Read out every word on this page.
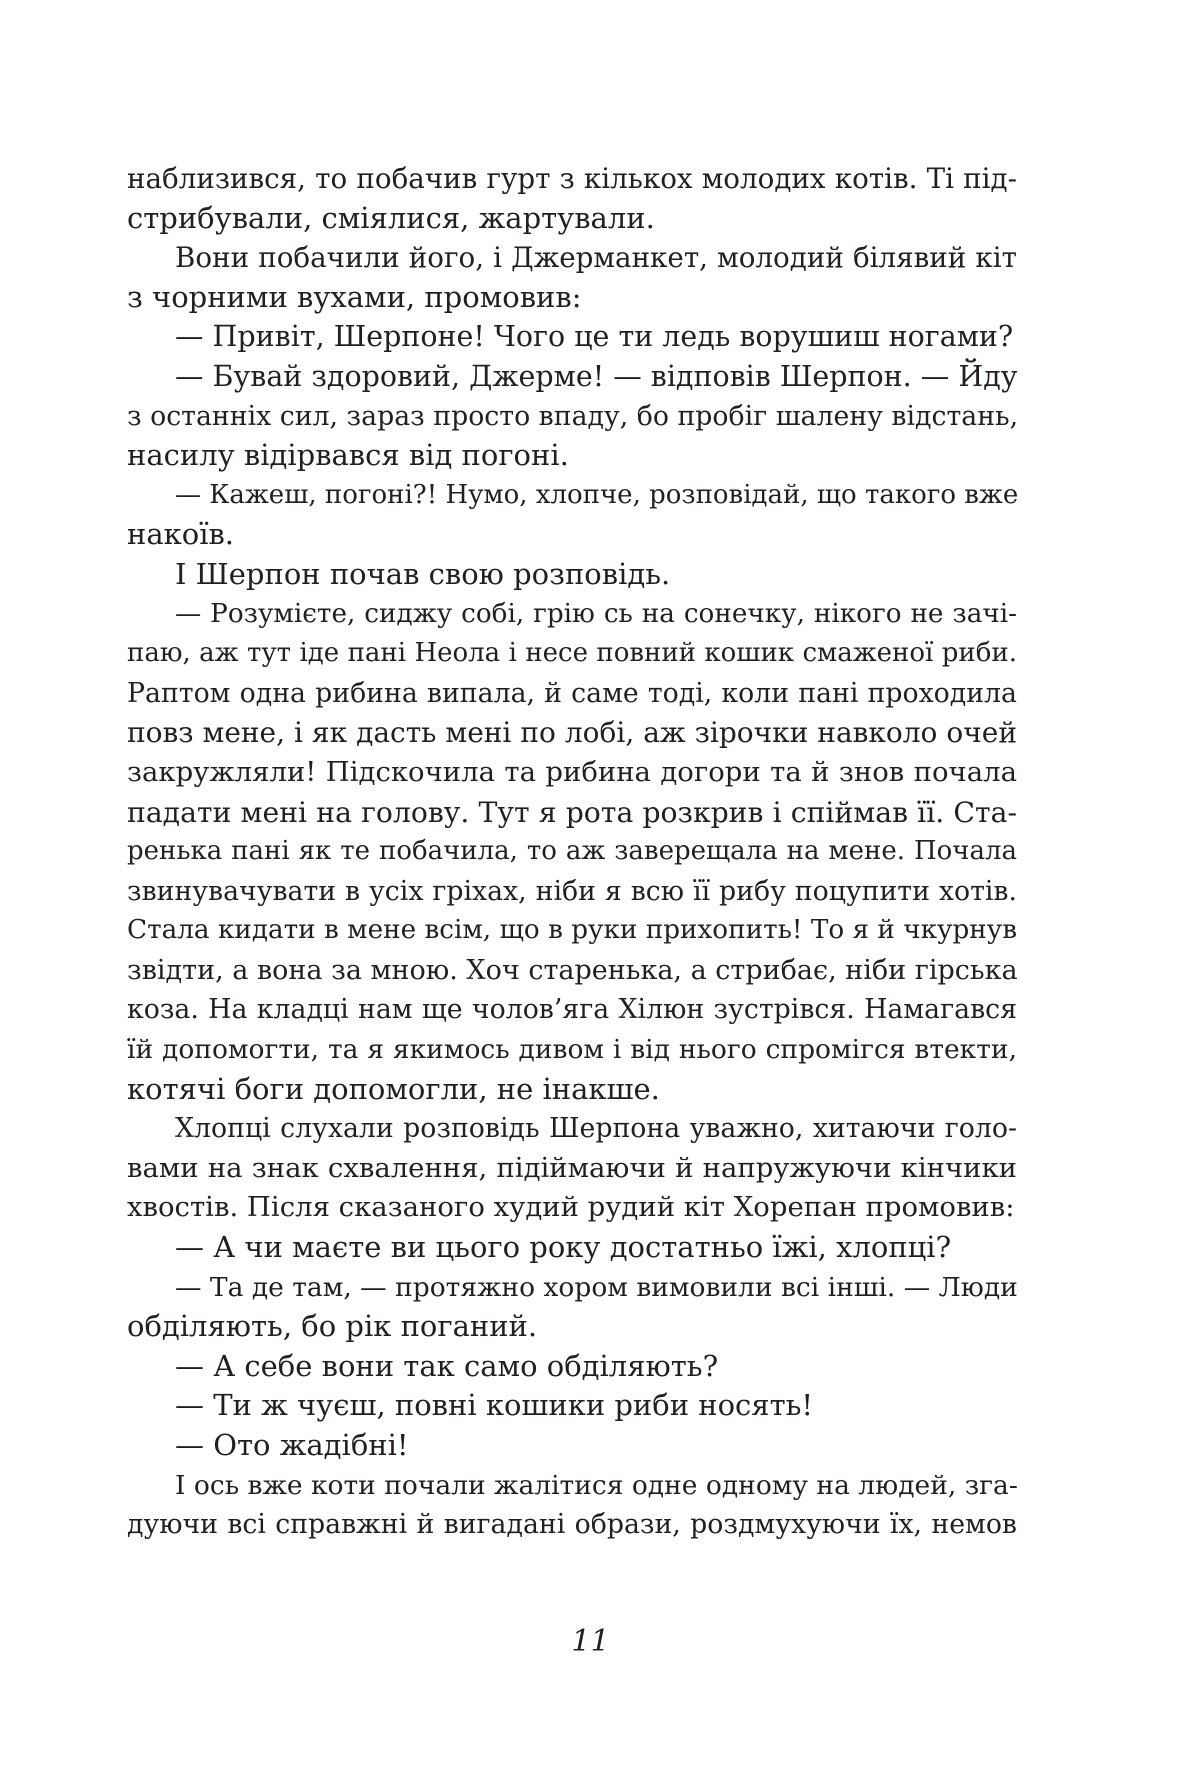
наблизився, то побачив гурт з кількох молодих котів. Ті під-
стрибували, сміялися, жартували.
Вони побачили його, і Джерманкет, молодий білявий кіт
з чорними вухами, промовив:
— Привіт, Шерпоне! Чого це ти ледь ворушиш ногами?
— Бувай здоровий, Джерме! — відповів Шерпон. — Йду
з останніх сил, зараз просто впаду, бо пробіг шалену відстань,
насилу відірвався від погоні.
— Кажеш, погоні?! Нумо, хлопче, розповідай, що такого вже
накоїв.
І Шерпон почав свою розповідь.
— Розумієте, сиджу собі, грію сь на сонечку, нікого не зачі-
паю, аж тут іде пані Неола і несе повний кошик смаженої риби.
Раптом одна рибина випала, й саме тоді, коли пані проходила
повз мене, і як дасть мені по лобі, аж зірочки навколо очей
закружляли! Підскочила та рибина догори та й знов почала
падати мені на голову. Тут я рота розкрив і спіймав її. Ста-
ренька пані як те побачила, то аж заверещала на мене. Почала
звинувачувати в усіх гріхах, ніби я всю її рибу поцупити хотів.
Стала кидати в мене всім, що в руки прихопить! То я й чкурнув
звідти, а вона за мною. Хоч старенька, а стрибає, ніби гірська
коза. На кладці нам ще чолов’яга Хілюн зустрівся. Намагався
їй допомогти, та я якимось дивом і від нього спромігся втекти,
котячі боги допомогли, не інакше.
Хлопці слухали розповідь Шерпона уважно, хитаючи голо-
вами на знак схвалення, підіймаючи й напружуючи кінчики
хвостів. Після сказаного худий рудий кіт Хорепан промовив:
— А чи маєте ви цього року достатньо їжі, хлопці?
— Та де там, — протяжно хором вимовили всі інші. — Люди
обділяють, бо рік поганий.
— А себе вони так само обділяють?
— Ти ж чуєш, повні кошики риби носять!
— Ото жадібні!
І ось вже коти почали жалітися одне одному на людей, зга-
дуючи всі справжні й вигадані образи, роздмухуючи їх, немов
11
